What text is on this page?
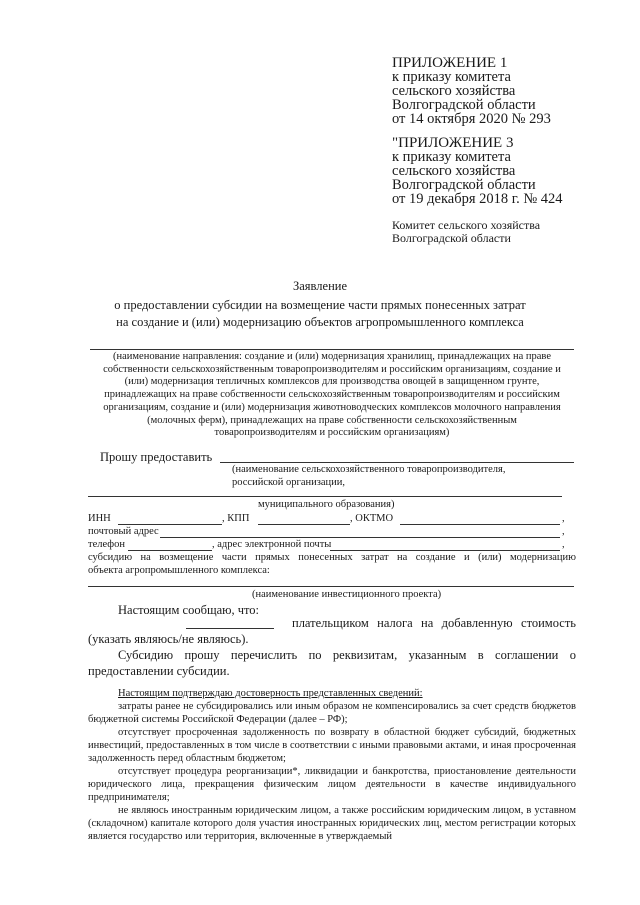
ПРИЛОЖЕНИЕ 1
к приказу комитета
сельского хозяйства
Волгоградской области
от 14 октября 2020 № 293
"ПРИЛОЖЕНИЕ 3
к приказу комитета
сельского хозяйства
Волгоградской области
от 19 декабря 2018 г. № 424
Комитет сельского хозяйства
Волгоградской области
Заявление
о предоставлении субсидии на возмещение части прямых понесенных затрат
на создание и (или) модернизацию объектов агропромышленного комплекса
(наименование направления: создание и (или) модернизация хранилищ, принадлежащих на праве
собственности сельскохозяйственным товаропроизводителям и российским организациям, создание и
(или) модернизация тепличных комплексов для производства овощей в защищенном грунте,
принадлежащих на праве собственности сельскохозяйственным товаропроизводителям и российским
организациям, создание и (или) модернизация животноводческих комплексов молочного направления
(молочных ферм), принадлежащих на праве собственности сельскохозяйственным
товаропроизводителям и российским организациям)
Прошу предоставить
(наименование сельскохозяйственного товаропроизводителя,
российской организации,
муниципального образования)
ИНН	, КПП	, ОКТМО	,
почтовый адрес	,
телефон	, адрес электронной почты	,
субсидию на возмещение части прямых понесенных затрат на создание и (или) модернизацию
объекта агропромышленного комплекса:
(наименование инвестиционного проекта)
Настоящим сообщаю, что:
плательщиком налога на добавленную стоимость
(указать являюсь/не являюсь).
Субсидию прошу перечислить по реквизитам, указанным в соглашении о
предоставлении субсидии.
Настоящим подтверждаю достоверность представленных сведений:
затраты ранее не субсидировались или иным образом не компенсировались за счет средств бюджетов бюджетной системы Российской Федерации (далее – РФ);
отсутствует просроченная задолженность по возврату в областной бюджет субсидий, бюджетных инвестиций, предоставленных в том числе в соответствии с иными правовыми актами, и иная просроченная задолженность перед областным бюджетом;
отсутствует процедура реорганизации*, ликвидации и банкротства, приостановление деятельности юридического лица, прекращения физическим лицом деятельности в качестве индивидуального предпринимателя;
не являюсь иностранным юридическим лицом, а также российским юридическим лицом, в уставном (складочном) капитале которого доля участия иностранных юридических лиц, местом регистрации которых является государство или территория, включенные в утверждаемый
